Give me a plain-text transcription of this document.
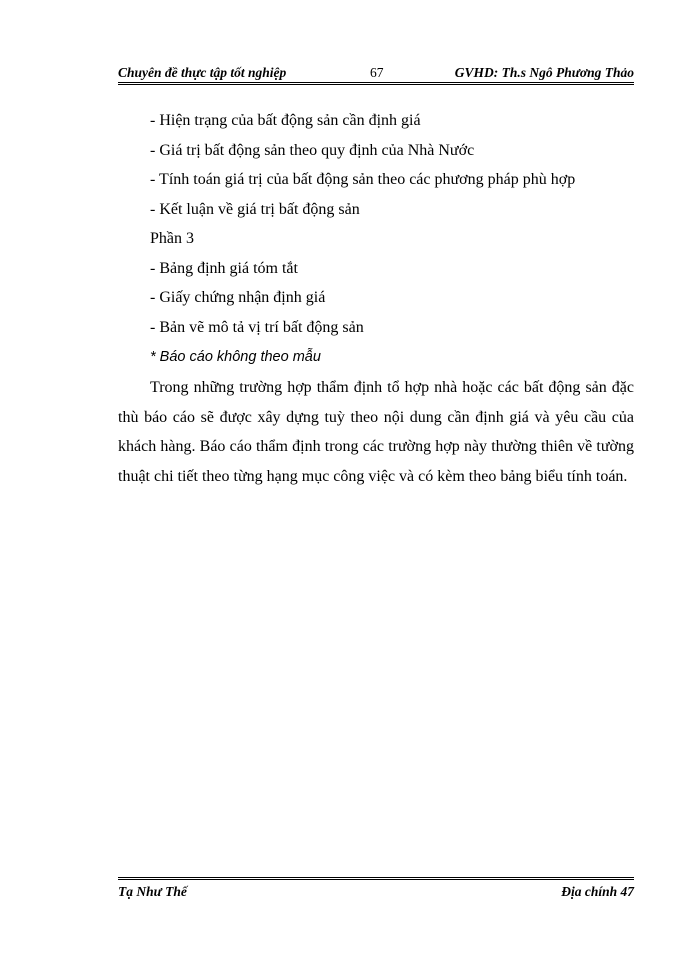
Chuyên đề thực tập tốt nghiệp	67	GVHD: Th.s Ngô Phương Thảo
- Hiện trạng của bất động sản cần định giá
- Giá trị bất động sản theo quy định của Nhà Nước
- Tính toán giá trị của bất động sản theo các phương pháp phù hợp
- Kết luận về giá trị bất động sản
Phần 3
- Bảng định giá tóm tắt
- Giấy chứng nhận định giá
- Bản vẽ mô tả vị trí bất động sản
* Báo cáo không theo mẫu
Trong những trường hợp thẩm định tổ hợp nhà hoặc các bất động sản đặc thù báo cáo sẽ được xây dựng tuỳ theo nội dung cần định giá và yêu cầu của khách hàng. Báo cáo thẩm định trong các trường hợp này thường thiên về tường thuật chi tiết theo từng hạng mục công việc và có kèm theo bảng biểu tính toán.
Tạ Như Thế	Địa chính 47
